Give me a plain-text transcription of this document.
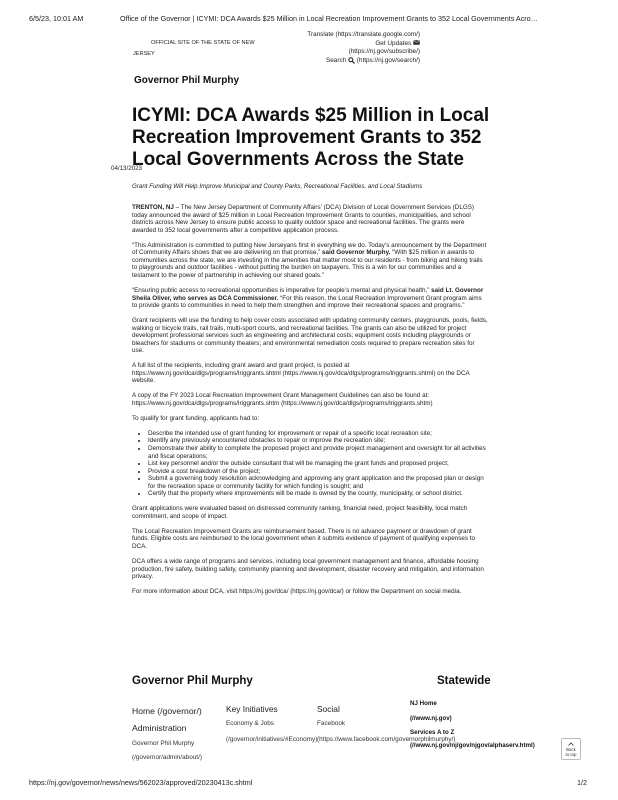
6/5/23, 10:01 AM	Office of the Governor | ICYMI: DCA Awards $25 Million in Local Recreation Improvement Grants to 352 Local Governments Acro…
OFFICIAL SITE OF THE STATE OF NEW
JERSEY
Translate (https://translate.google.com/)
Get Updates
(https://nj.gov/subscribe/)
Search (https://nj.gov/search/)
Governor Phil Murphy
ICYMI: DCA Awards $25 Million in Local Recreation Improvement Grants to 352 Local Governments Across the State
04/13/2023
Grant Funding Will Help Improve Municipal and County Parks, Recreational Facilities, and Local Stadiums

TRENTON, NJ – The New Jersey Department of Community Affairs’ (DCA) Division of Local Government Services (DLGS) today announced the award of $25 million in Local Recreation Improvement Grants to counties, municipalities, and school districts across New Jersey to ensure public access to quality outdoor space and recreational facilities. The grants were awarded to 352 local governments after a competitive application process.

“This Administration is committed to putting New Jerseyans first in everything we do. Today’s announcement by the Department of Community Affairs shows that we are delivering on that promise,” said Governor Murphy. “With $25 million in awards to communities across the state, we are investing in the amenities that matter most to our residents - from biking and hiking trails to playgrounds and outdoor facilities - without putting the burden on taxpayers. This is a win for our communities and a testament to the power of partnership in achieving our shared goals.”

“Ensuring public access to recreational opportunities is imperative for people’s mental and physical health,” said Lt. Governor Sheila Oliver, who serves as DCA Commissioner. “For this reason, the Local Recreation Improvement Grant program aims to provide grants to communities in need to help them strengthen and improve their recreational spaces and programs.”

Grant recipients will use the funding to help cover costs associated with updating community centers, playgrounds, pools, fields, walking or bicycle trails, rail trails, multi-sport courts, and recreational facilities. The grants can also be utilized for project development professional services such as engineering and architectural costs; equipment costs including playgrounds or bleachers for stadiums or community theaters; and environmental remediation costs required to prepare recreation sites for use.

A full list of the recipients, including grant award and grant project, is posted at https://www.nj.gov/dca/dlgs/programs/lriggrants.shtml (https://www.nj.gov/dca/dlgs/programs/lriggrants.shtml) on the DCA website.

A copy of the FY 2023 Local Recreation Improvement Grant Management Guidelines can also be found at: https://www.nj.gov/dca/dlgs/programs/lriggrants.shtm (https://www.nj.gov/dca/dlgs/programs/lriggrants.shtm)

To qualify for grant funding, applicants had to:

• Describe the intended use of grant funding for improvement or repair of a specific local recreation site;
• Identify any previously encountered obstacles to repair or improve the recreation site;
• Demonstrate their ability to complete the proposed project and provide project management and oversight for all activities and fiscal operations;
• List key personnel and/or the outside consultant that will be managing the grant funds and proposed project;
• Provide a cost breakdown of the project;
• Submit a governing body resolution acknowledging and approving any grant application and the proposed plan or design for the recreation space or community facility for which funding is sought; and
• Certify that the property where improvements will be made is owned by the county, municipality, or school district.

Grant applications were evaluated based on distressed community ranking, financial need, project feasibility, local match commitment, and scope of impact.

The Local Recreation Improvement Grants are reimbursement based. There is no advance payment or drawdown of grant funds. Eligible costs are reimbursed to the local government when it submits evidence of payment of qualifying expenses to DCA.

DCA offers a wide range of programs and services, including local government management and finance, affordable housing production, fire safety, building safety, community planning and development, disaster recovery and mitigation, and information privacy.

For more information about DCA, visit https://nj.gov/dca/ (https://nj.gov/dca/) or follow the Department on social media.

Governor Phil Murphy	Statewide
Home (/governor/)
Administration
Governor Phil Murphy
(/governor/admin/about/)
Key Initiatives
Economy & Jobs
(/governor/initiatives/#Economy)
Social
Facebook
(https://www.facebook.com/governorphilmurphy/)
NJ Home
(//www.nj.gov)
Services A to Z
(//www.nj.gov/nj/gov/njgov/alphaserv.html)
Back
to top
https://nj.gov/governor/news/news/562023/approved/20230413c.shtml	1/2
